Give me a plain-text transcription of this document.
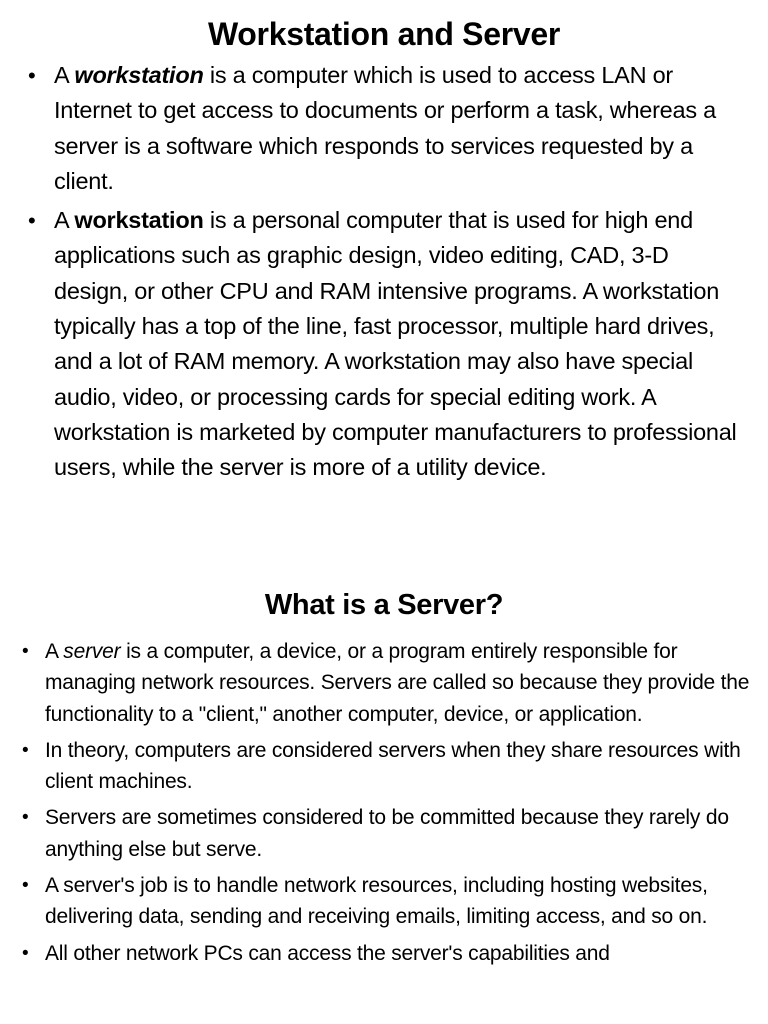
Workstation and Server
• A workstation is a computer which is used to access LAN or Internet to get access to documents or perform a task, whereas a server is a software which responds to services requested by a client.
• A workstation is a personal computer that is used for high end applications such as graphic design, video editing, CAD, 3-D design, or other CPU and RAM intensive programs. A workstation typically has a top of the line, fast processor, multiple hard drives, and a lot of RAM memory. A workstation may also have special audio, video, or processing cards for special editing work. A workstation is marketed by computer manufacturers to professional users, while the server is more of a utility device.
What is a Server?
• A server is a computer, a device, or a program entirely responsible for managing network resources. Servers are called so because they provide the functionality to a "client," another computer, device, or application.
• In theory, computers are considered servers when they share resources with client machines.
• Servers are sometimes considered to be committed because they rarely do anything else but serve.
• A server's job is to handle network resources, including hosting websites, delivering data, sending and receiving emails, limiting access, and so on.
• All other network PCs can access the server's capabilities and
